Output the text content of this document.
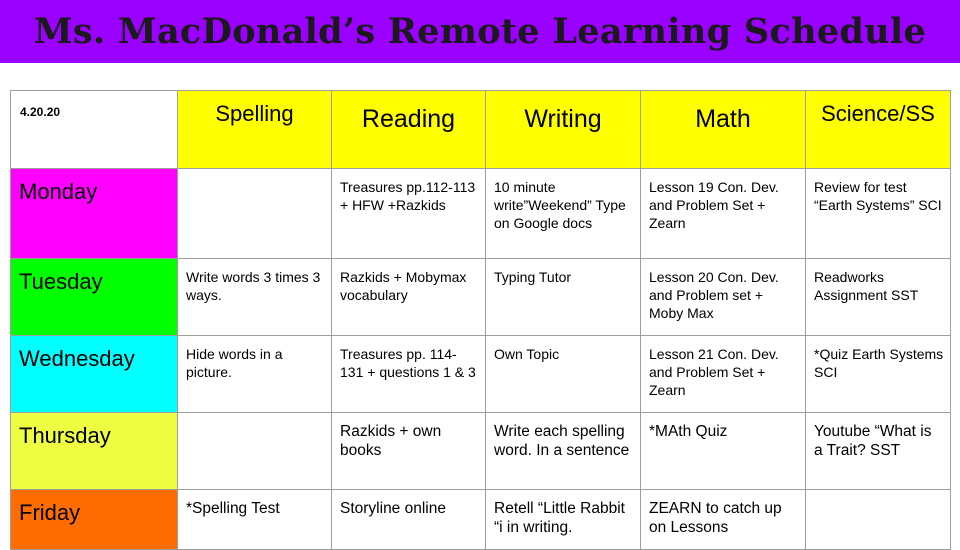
Ms. MacDonald’s Remote Learning Schedule
4.20.20	Spelling	Reading	Writing	Math	Science/SS

Monday		Treasures pp.112-113 + HFW +Razkids	10 minute write”Weekend” Type on Google docs	Lesson 19 Con. Dev. and Problem Set + Zearn	Review for test “Earth Systems” SCI

Tuesday	Write words 3 times 3 ways.	Razkids + Mobymax vocabulary	Typing Tutor	Lesson 20 Con. Dev. and Problem set + Moby Max	Readworks Assignment SST

Wednesday	Hide words in a picture.	Treasures pp. 114-131 + questions 1 & 3	Own Topic	Lesson 21 Con. Dev. and Problem Set + Zearn	*Quiz Earth Systems SCI

Thursday		Razkids + own books	Write each spelling word. In a sentence	*MAth Quiz	Youtube “What is a Trait? SST

Friday	*Spelling Test	Storyline online	Retell “Little Rabbit “i in writing.	ZEARN to catch up on Lessons	
